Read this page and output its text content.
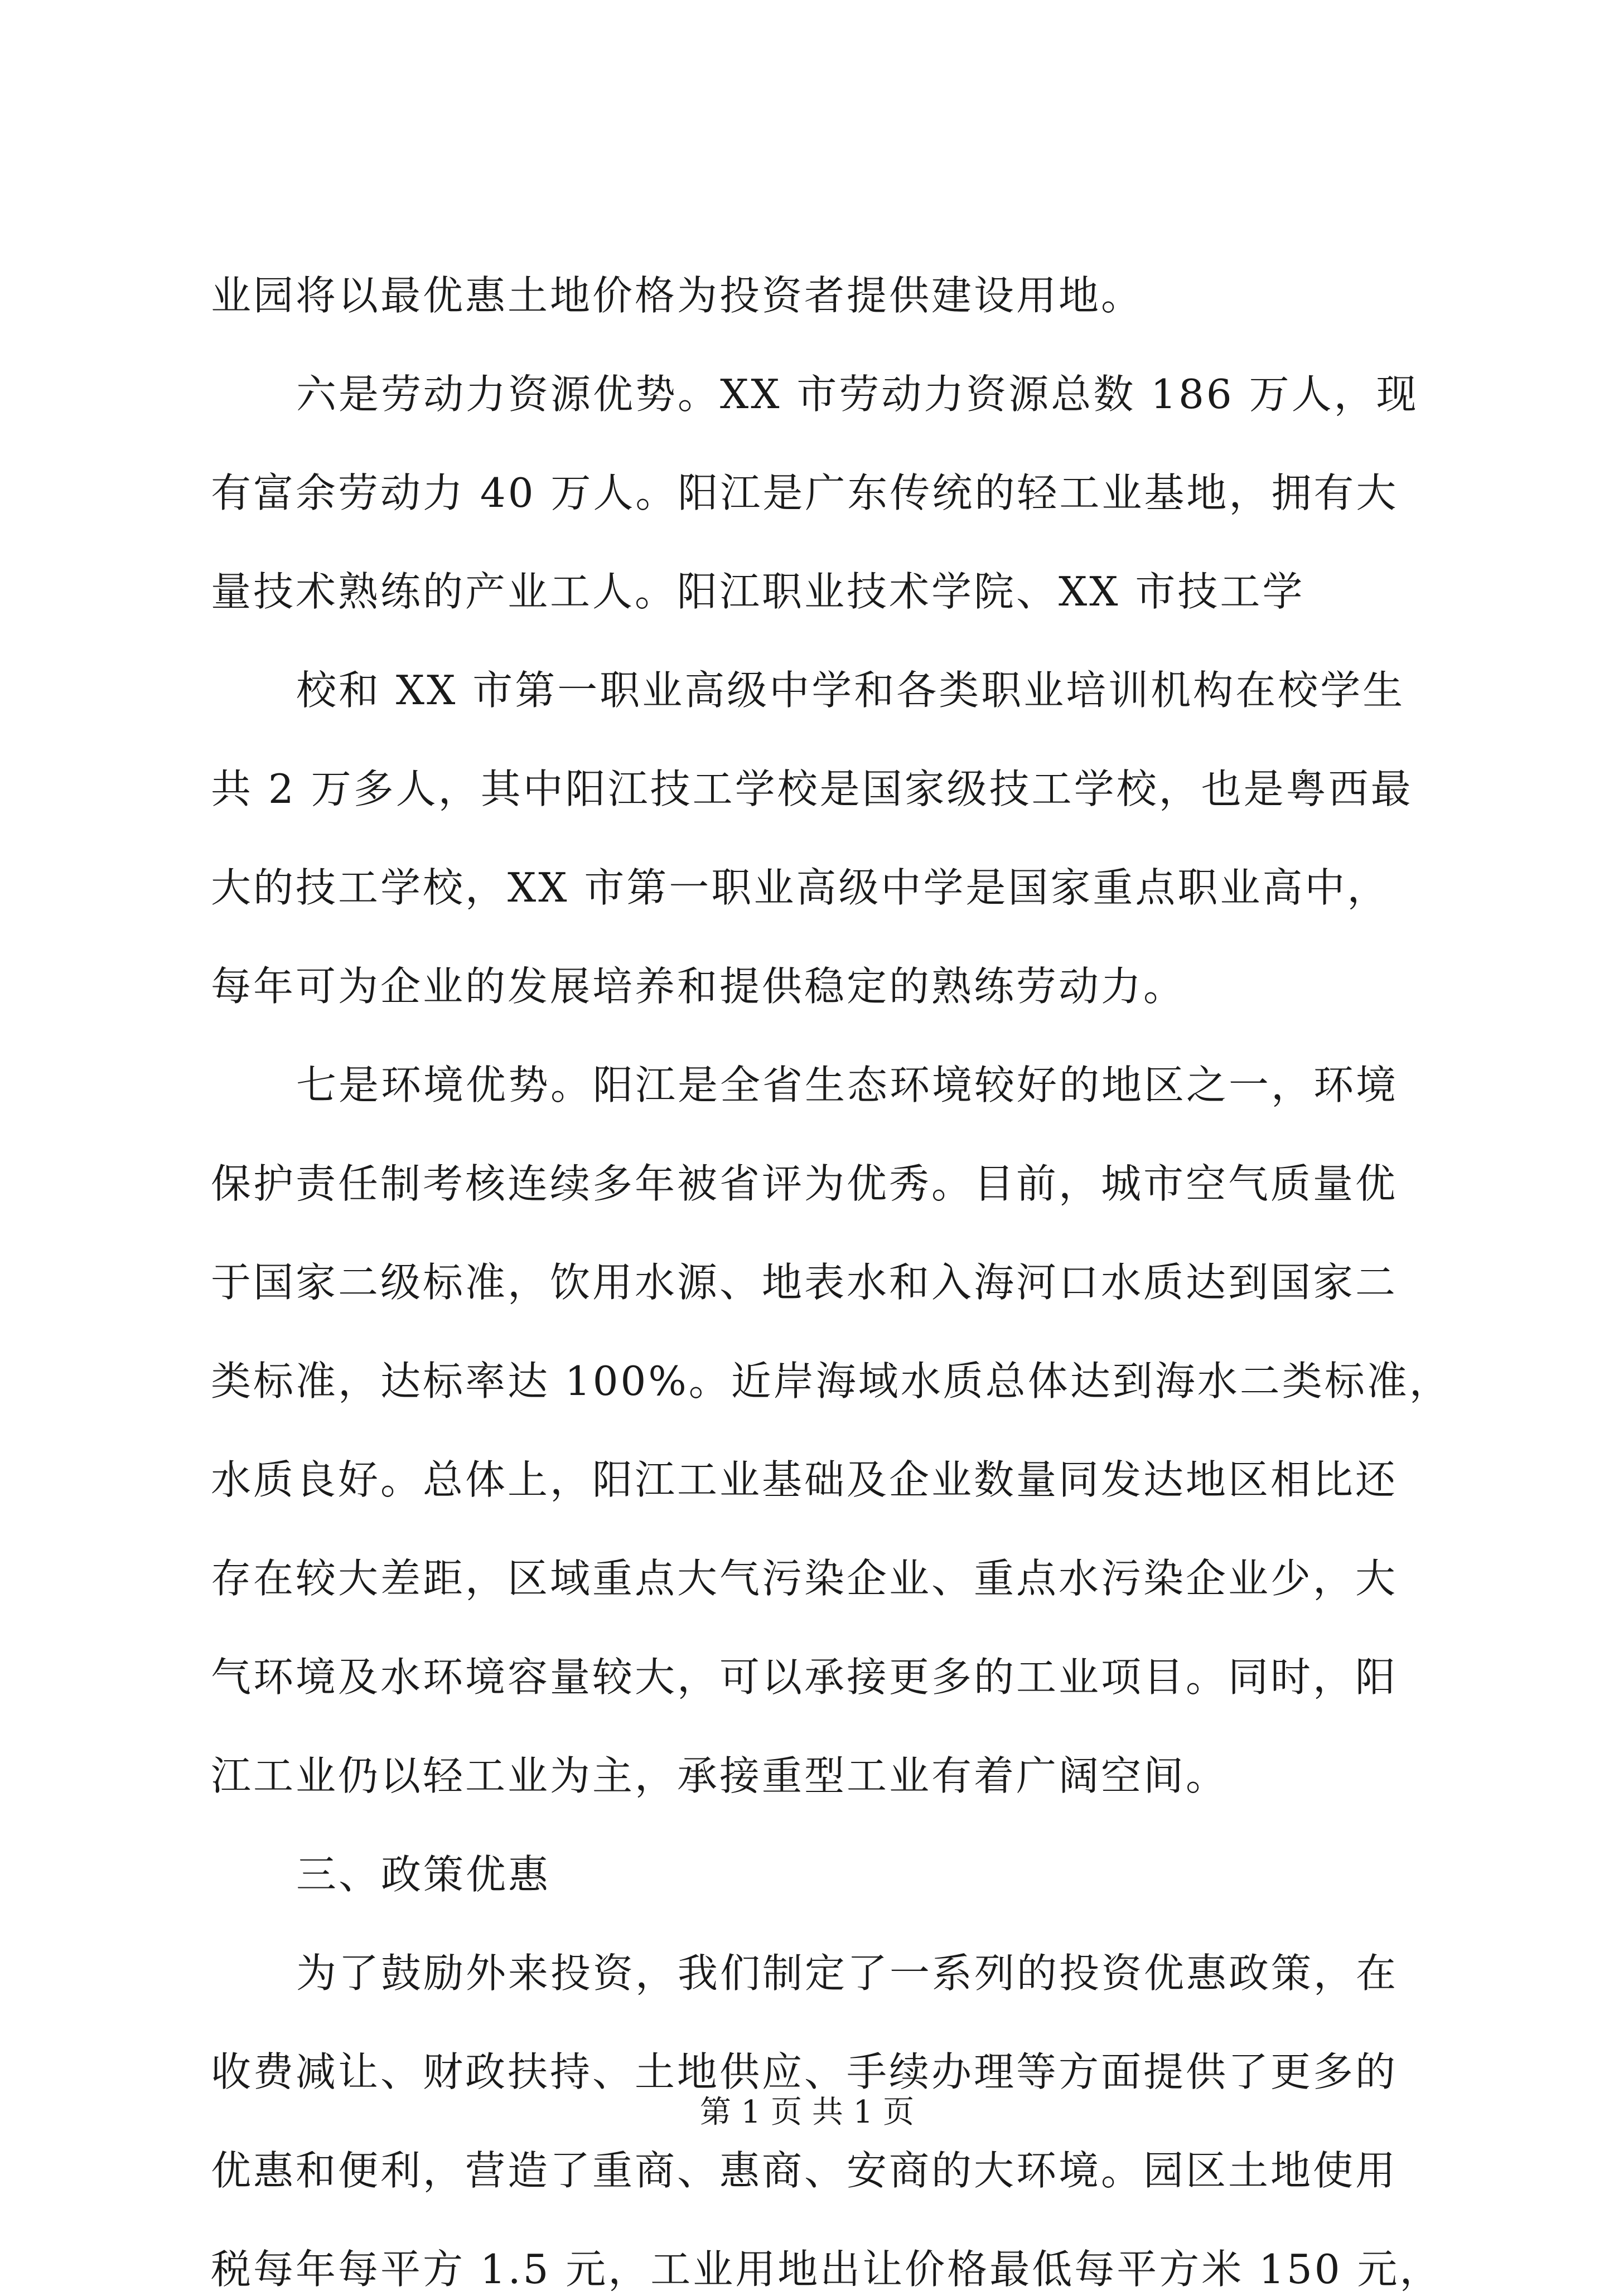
业园将以最优惠土地价格为投资者提供建设用地。
六是劳动力资源优势。XX 市劳动力资源总数 186 万人，现
有富余劳动力 40 万人。阳江是广东传统的轻工业基地，拥有大
量技术熟练的产业工人。阳江职业技术学院、XX 市技工学
校和 XX 市第一职业高级中学和各类职业培训机构在校学生
共 2 万多人，其中阳江技工学校是国家级技工学校，也是粤西最
大的技工学校，XX 市第一职业高级中学是国家重点职业高中，
每年可为企业的发展培养和提供稳定的熟练劳动力。
七是环境优势。阳江是全省生态环境较好的地区之一，环境
保护责任制考核连续多年被省评为优秀。目前，城市空气质量优
于国家二级标准，饮用水源、地表水和入海河口水质达到国家二
类标准，达标率达 100%。近岸海域水质总体达到海水二类标准，
水质良好。总体上，阳江工业基础及企业数量同发达地区相比还
存在较大差距，区域重点大气污染企业、重点水污染企业少，大
气环境及水环境容量较大，可以承接更多的工业项目。同时，阳
江工业仍以轻工业为主，承接重型工业有着广阔空间。
三、政策优惠
为了鼓励外来投资，我们制定了一系列的投资优惠政策，在
收费减让、财政扶持、土地供应、手续办理等方面提供了更多的
优惠和便利，营造了重商、惠商、安商的大环境。园区土地使用
税每年每平方 1.5 元，工业用地出让价格最低每平方米 150 元，
第 1 页 共 1 页
